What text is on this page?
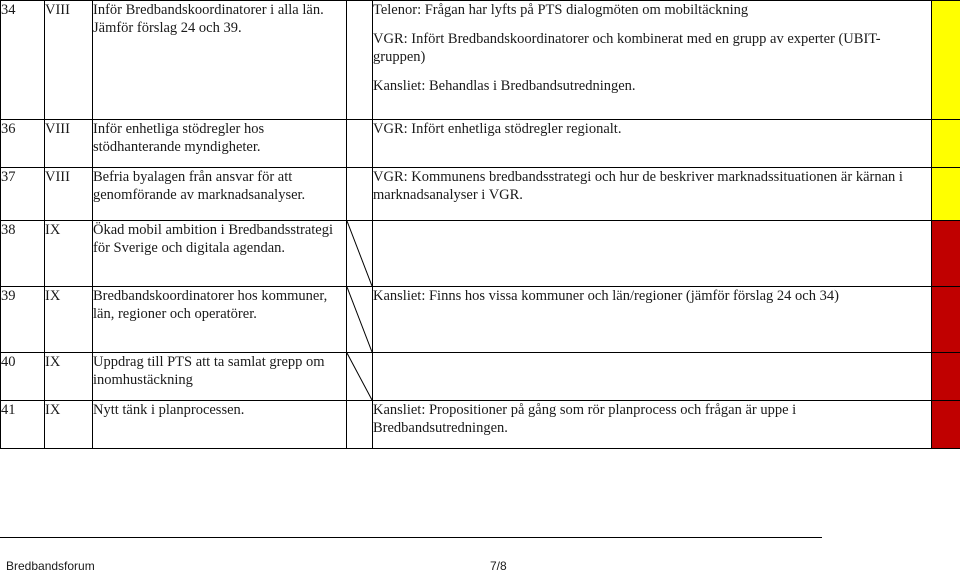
34	VIII	Inför Bredbandskoordinatorer i alla län. Jämför förslag 24 och 39.		Telenor: Frågan har lyfts på PTS dialogmöten om mobiltäckning

VGR: Infört Bredbandskoordinatorer och kombinerat med en grupp av experter (UBIT-gruppen)

Kansliet: Behandlas i Bredbandsutredningen.	

36	VIII	Inför enhetliga stödregler hos stödhanterande myndigheter.		VGR: Infört enhetliga stödregler regionalt.	

37	VIII	Befria byalagen från ansvar för att genomförande av marknadsanalyser.		VGR: Kommunens bredbandsstrategi och hur de beskriver marknadssituationen är kärnan i marknadsanalyser i VGR.	

38	IX	Ökad mobil ambition i Bredbandsstrategi för Sverige och digitala agendan.	

39	IX	Bredbandskoordinatorer hos kommuner, län, regioner och operatörer.		Kansliet: Finns hos vissa kommuner och län/regioner (jämför förslag 24 och 34)	

40	IX	Uppdrag till PTS att ta samlat grepp om inomhustäckning	

41	IX	Nytt tänk i planprocessen.		Kansliet: Propositioner på gång som rör planprocess och frågan är uppe i Bredbandsutredningen.	

Bredbandsforum	7/8
